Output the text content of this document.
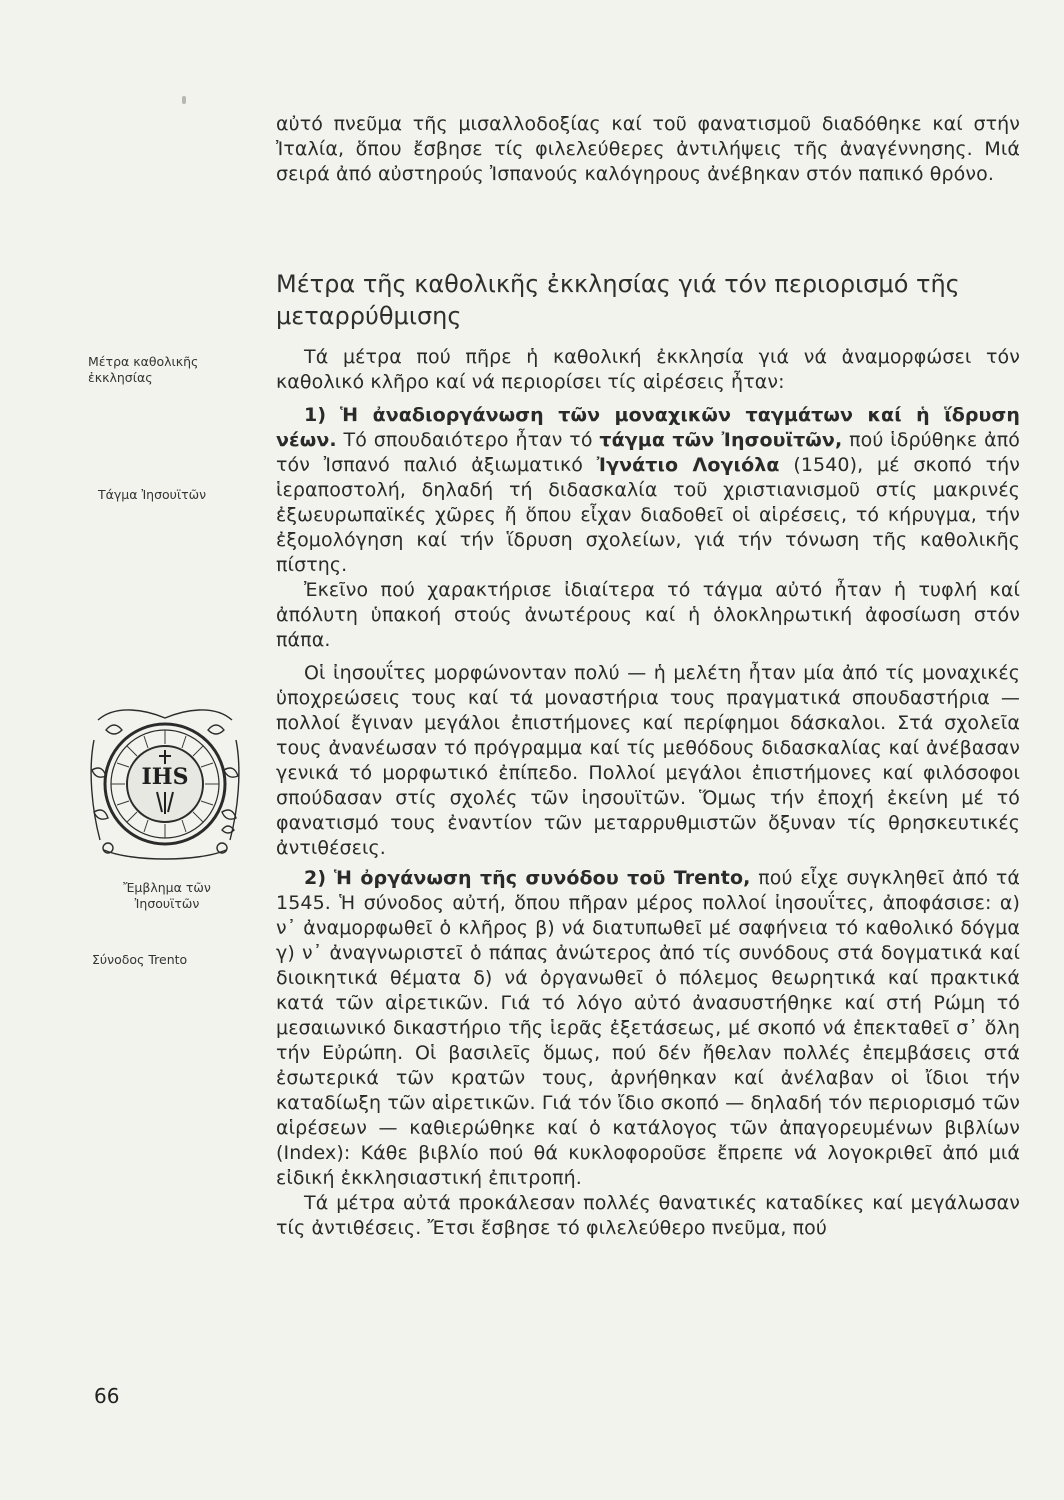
αὐτό πνεῦμα τῆς μισαλλοδοξίας καί τοῦ φανατισμοῦ διαδόθηκε καί στήν Ἰταλία, ὅπου ἔσβησε τίς φιλελεύθερες ἀντιλήψεις τῆς ἀναγέννησης. Μιά σειρά ἀπό αὐστηρούς Ἰσπανούς καλόγηρους ἀνέβηκαν στόν παπικό θρόνο.

Μέτρα τῆς καθολικῆς ἐκκλησίας γιά τόν περιορισμό τῆς μεταρρύθμισης

Τά μέτρα πού πῆρε ἡ καθολική ἐκκλησία γιά νά ἀναμορφώσει τόν καθολικό κλῆρο καί νά περιορίσει τίς αἱρέσεις ἦταν:

1) Ἡ ἀναδιοργάνωση τῶν μοναχικῶν ταγμάτων καί ἡ ἵδρυση νέων. Τό σπουδαιότερο ἦταν τό τάγμα τῶν Ἰησουϊτῶν, πού ἱδρύθηκε ἀπό τόν Ἰσπανό παλιό ἀξιωματικό Ἰγνάτιο Λογιόλα (1540), μέ σκοπό τήν ἱεραποστολή, δηλαδή τή διδασκαλία τοῦ χριστιανισμοῦ στίς μακρινές ἐξωευρωπαϊκές χῶρες ἤ ὅπου εἶχαν διαδοθεῖ οἱ αἱρέσεις, τό κήρυγμα, τήν ἐξομολόγηση καί τήν ἵδρυση σχολείων, γιά τήν τόνωση τῆς καθολικῆς πίστης.

Ἐκεῖνο πού χαρακτήρισε ἰδιαίτερα τό τάγμα αὐτό ἦταν ἡ τυφλή καί ἀπόλυτη ὑπακοή στούς ἀνωτέρους καί ἡ ὁλοκληρωτική ἀφοσίωση στόν πάπα.

Οἱ ἰησουΐτες μορφώνονταν πολύ — ἡ μελέτη ἦταν μία ἀπό τίς μοναχικές ὑποχρεώσεις τους καί τά μοναστήρια τους πραγματικά σπουδαστήρια — πολλοί ἔγιναν μεγάλοι ἐπιστήμονες καί περίφημοι δάσκαλοι. Στά σχολεῖα τους ἀνανέωσαν τό πρόγραμμα καί τίς μεθόδους διδασκαλίας καί ἀνέβασαν γενικά τό μορφωτικό ἐπίπεδο. Πολλοί μεγάλοι ἐπιστήμονες καί φιλόσοφοι σπούδασαν στίς σχολές τῶν ἰησουϊτῶν. Ὅμως τήν ἐποχή ἐκείνη μέ τό φανατισμό τους ἐναντίον τῶν μεταρρυθμιστῶν ὄξυναν τίς θρησκευτικές ἀντιθέσεις.

2) Ἡ ὀργάνωση τῆς συνόδου τοῦ Trento, πού εἶχε συγκληθεῖ ἀπό τά 1545. Ἡ σύνοδος αὐτή, ὅπου πῆραν μέρος πολλοί ἰησουΐτες, ἀποφάσισε: α) ν᾽ ἀναμορφωθεῖ ὁ κλῆρος β) νά διατυπωθεῖ μέ σαφήνεια τό καθολικό δόγμα γ) ν᾽ ἀναγνωριστεῖ ὁ πάπας ἀνώτερος ἀπό τίς συνόδους στά δογματικά καί διοικητικά θέματα δ) νά ὀργανωθεῖ ὁ πόλεμος θεωρητικά καί πρακτικά κατά τῶν αἱρετικῶν. Γιά τό λόγο αὐτό ἀνασυστήθηκε καί στή Ρώμη τό μεσαιωνικό δικαστήριο τῆς ἱερᾶς ἐξετάσεως, μέ σκοπό νά ἐπεκταθεῖ σ᾽ ὅλη τήν Εὐρώπη. Οἱ βασιλεῖς ὅμως, πού δέν ἤθελαν πολλές ἐπεμβάσεις στά ἐσωτερικά τῶν κρατῶν τους, ἀρνήθηκαν καί ἀνέλαβαν οἱ ἴδιοι τήν καταδίωξη τῶν αἱρετικῶν. Γιά τόν ἴδιο σκοπό — δηλαδή τόν περιορισμό τῶν αἱρέσεων — καθιερώθηκε καί ὁ κατάλογος τῶν ἀπαγορευμένων βιβλίων (Index): Κάθε βιβλίο πού θά κυκλοφοροῦσε ἔπρεπε νά λογοκριθεῖ ἀπό μιά εἰδική ἐκκλησιαστική ἐπιτροπή.

Τά μέτρα αὐτά προκάλεσαν πολλές θανατικές καταδίκες καί μεγάλωσαν τίς ἀντιθέσεις. Ἔτσι ἔσβησε τό φιλελεύθερο πνεῦμα, πού

Μέτρα καθολικῆς ἐκκλησίας

Τάγμα Ἰησουϊτῶν

IHS

Ἔμβλημα τῶν Ἰησουϊτῶν

Σύνοδος Trento

66
